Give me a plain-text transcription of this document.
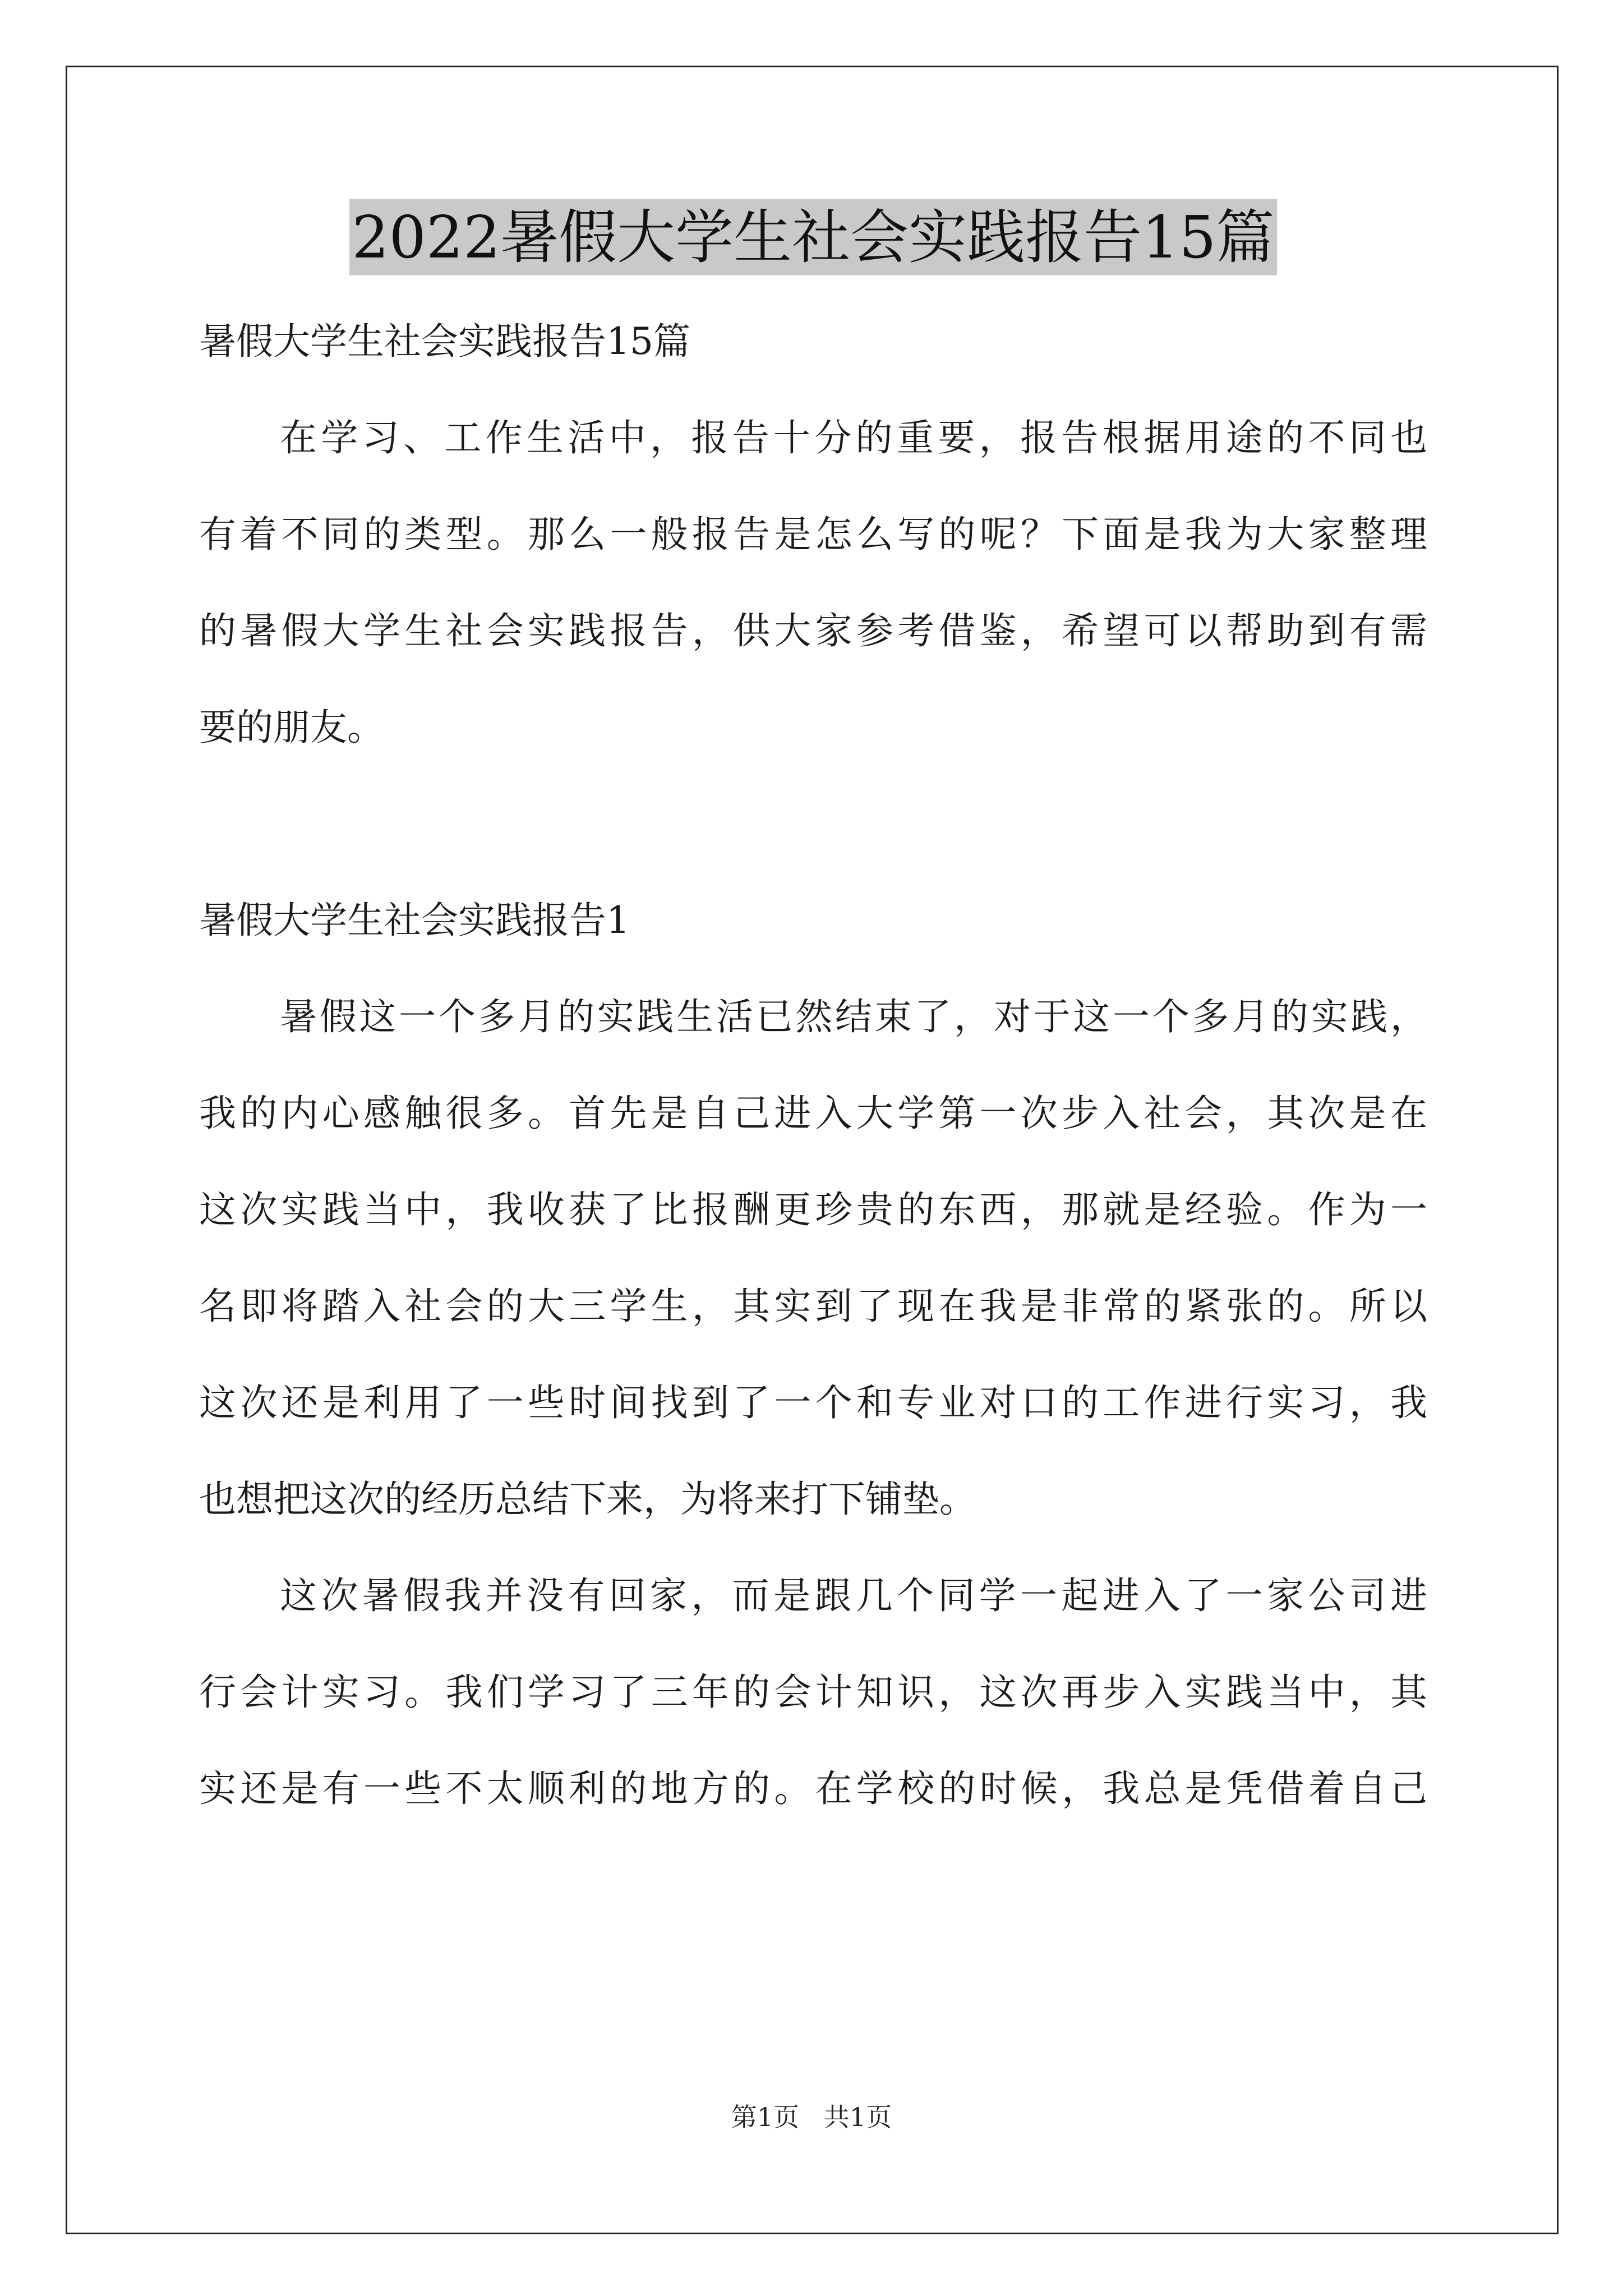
2022暑假大学生社会实践报告15篇
暑假大学生社会实践报告15篇
在学习、工作生活中，报告十分的重要，报告根据用途的不同也
有着不同的类型。那么一般报告是怎么写的呢？下面是我为大家整理
的暑假大学生社会实践报告，供大家参考借鉴，希望可以帮助到有需
要的朋友。
暑假大学生社会实践报告1
暑假这一个多月的实践生活已然结束了，对于这一个多月的实践，
我的内心感触很多。首先是自己进入大学第一次步入社会，其次是在
这次实践当中，我收获了比报酬更珍贵的东西，那就是经验。作为一
名即将踏入社会的大三学生，其实到了现在我是非常的紧张的。所以
这次还是利用了一些时间找到了一个和专业对口的工作进行实习，我
也想把这次的经历总结下来，为将来打下铺垫。
这次暑假我并没有回家，而是跟几个同学一起进入了一家公司进
行会计实习。我们学习了三年的会计知识，这次再步入实践当中，其
实还是有一些不太顺利的地方的。在学校的时候，我总是凭借着自己
第1页   共1页
